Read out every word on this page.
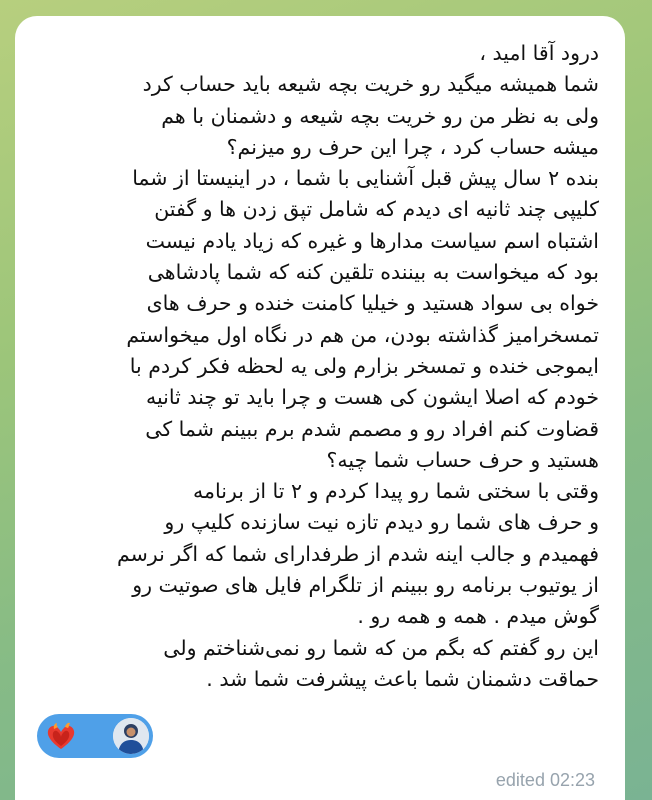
درود آقا امید ،
شما همیشه میگید رو خریت بچه شیعه باید حساب کرد
ولی به نظر من رو خریت بچه شیعه و دشمنان با هم
میشه حساب کرد ، چرا این حرف رو میزنم؟
بنده ۲ سال پیش قبل آشنایی با شما ، در اینیستا از شما
کلیپی چند ثانیه ای دیدم که شامل تپق زدن ها و گفتن
اشتباه اسم سیاست مدارها و غیره که زیاد یادم نیست
بود که میخواست به بیننده تلقین کنه که شما پادشاهی
خواه بی سواد هستید و خیلیا کامنت خنده و حرف های
تمسخرامیز گذاشته بودن، من هم در نگاه اول میخواستم
ایموجی خنده و تمسخر بزارم ولی یه لحظه فکر کردم با
خودم که اصلا ایشون کی هست و چرا باید تو چند ثانیه
قضاوت کنم افراد رو و مصمم شدم برم ببینم شما کی
هستید و حرف حساب شما چیه؟
وقتی با سختی شما رو پیدا کردم و ۲ تا از برنامه
و حرف های شما رو دیدم تازه نیت سازنده کلیپ رو
فهمیدم و جالب اینه شدم از طرفدارای شما که اگر نرسم
از یوتیوب برنامه رو ببینم از تلگرام فایل های صوتیت رو
گوش میدم . همه و همه رو .
این رو گفتم که بگم من که شما رو نمی‌شناختم ولی
حماقت دشمنان شما باعث پیشرفت شما شد .
edited 02:23
